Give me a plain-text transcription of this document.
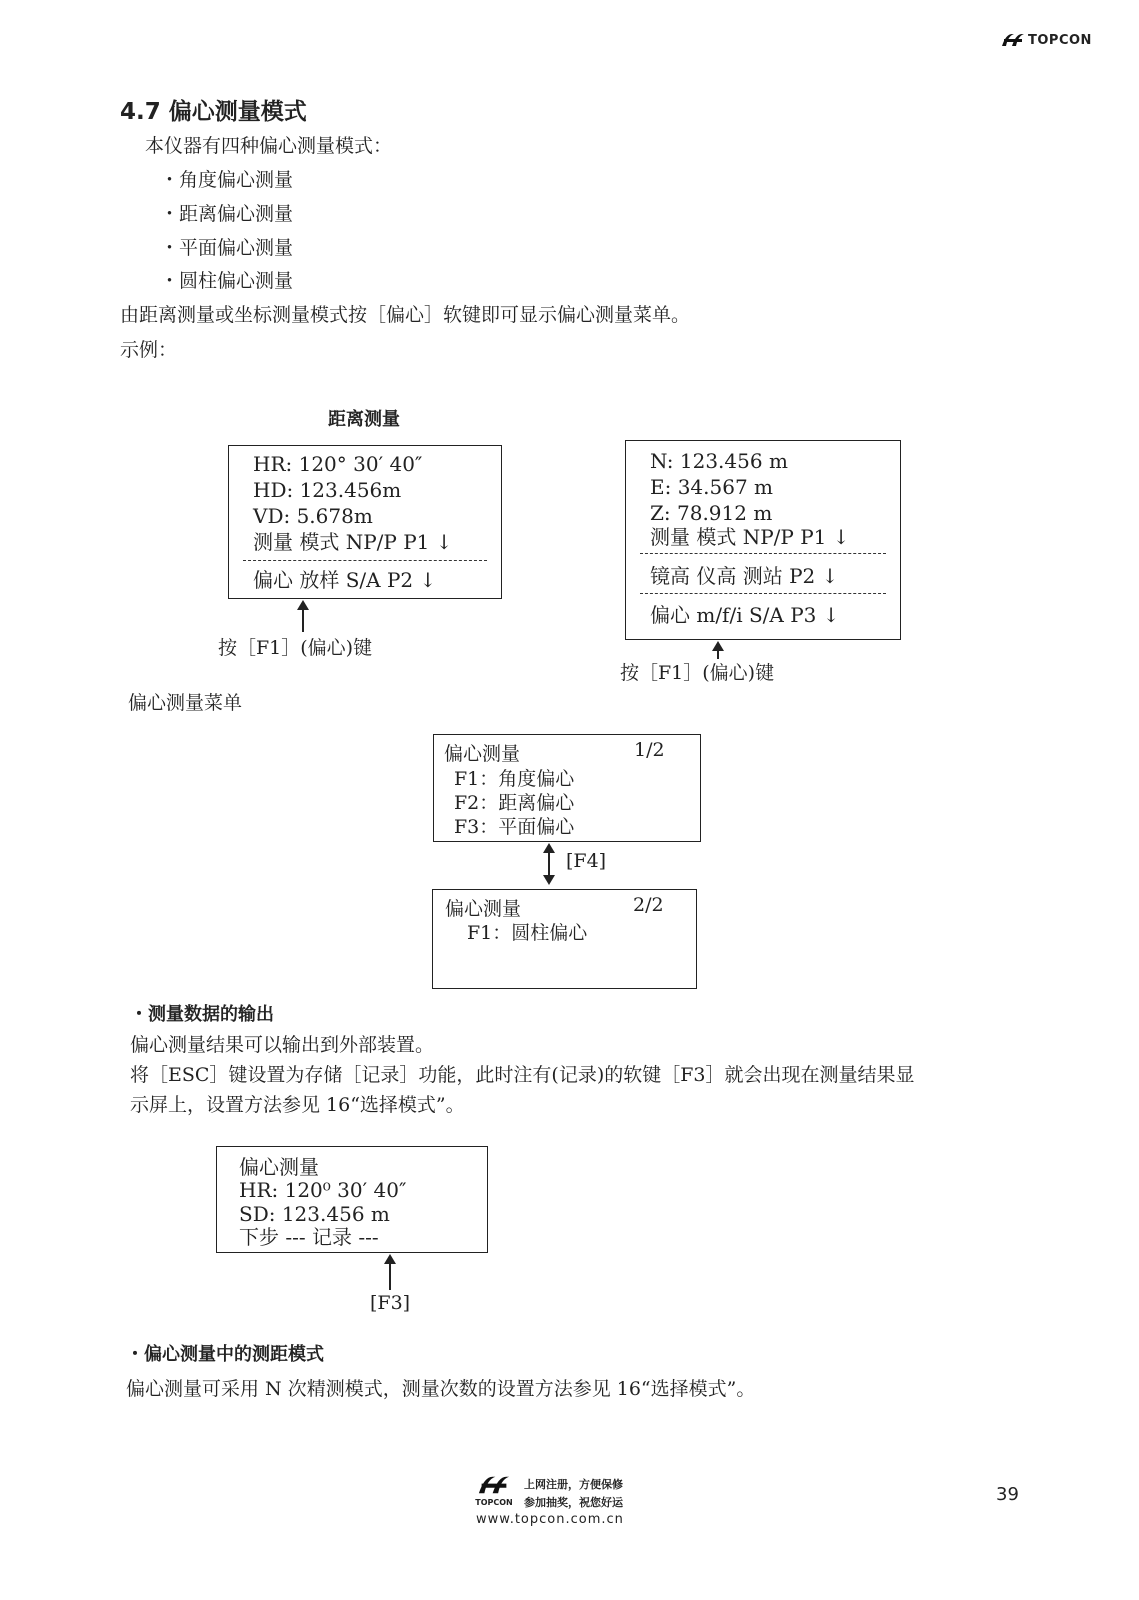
TOPCON
4.7 偏心测量模式
本仪器有四种偏心测量模式：
・角度偏心测量
・距离偏心测量
・平面偏心测量
・圆柱偏心测量
由距离测量或坐标测量模式按［偏心］软键即可显示偏心测量菜单。
示例：
距离测量
HR: 120° 30′ 40″
HD: 123.456m
VD: 5.678m
测量 模式 NP/P P1 ↓
偏心 放样 S/A P2 ↓
按［F1］(偏心)键
N: 123.456 m
E: 34.567 m
Z: 78.912 m
测量 模式 NP/P P1 ↓
镜高 仪高 测站 P2 ↓
偏心 m/f/i S/A P3 ↓
按［F1］(偏心)键
偏心测量菜单
偏心测量	1/2
F1：角度偏心
F2：距离偏心
F3：平面偏心
[F4]
偏心测量	2/2
F1：圆柱偏心
・测量数据的输出
偏心测量结果可以输出到外部装置。
将［ESC］键设置为存储［记录］功能，此时注有(记录)的软键［F3］就会出现在测量结果显
示屏上，设置方法参见 16“选择模式”。
偏心测量
HR: 120⁰ 30′ 40″
SD: 123.456 m
下步 --- 记录 ---
[F3]
・偏心测量中的测距模式
偏心测量可采用 N 次精测模式，测量次数的设置方法参见 16“选择模式”。
TOPCON
上网注册，方便保修
参加抽奖，祝您好运
www.topcon.com.cn
39
